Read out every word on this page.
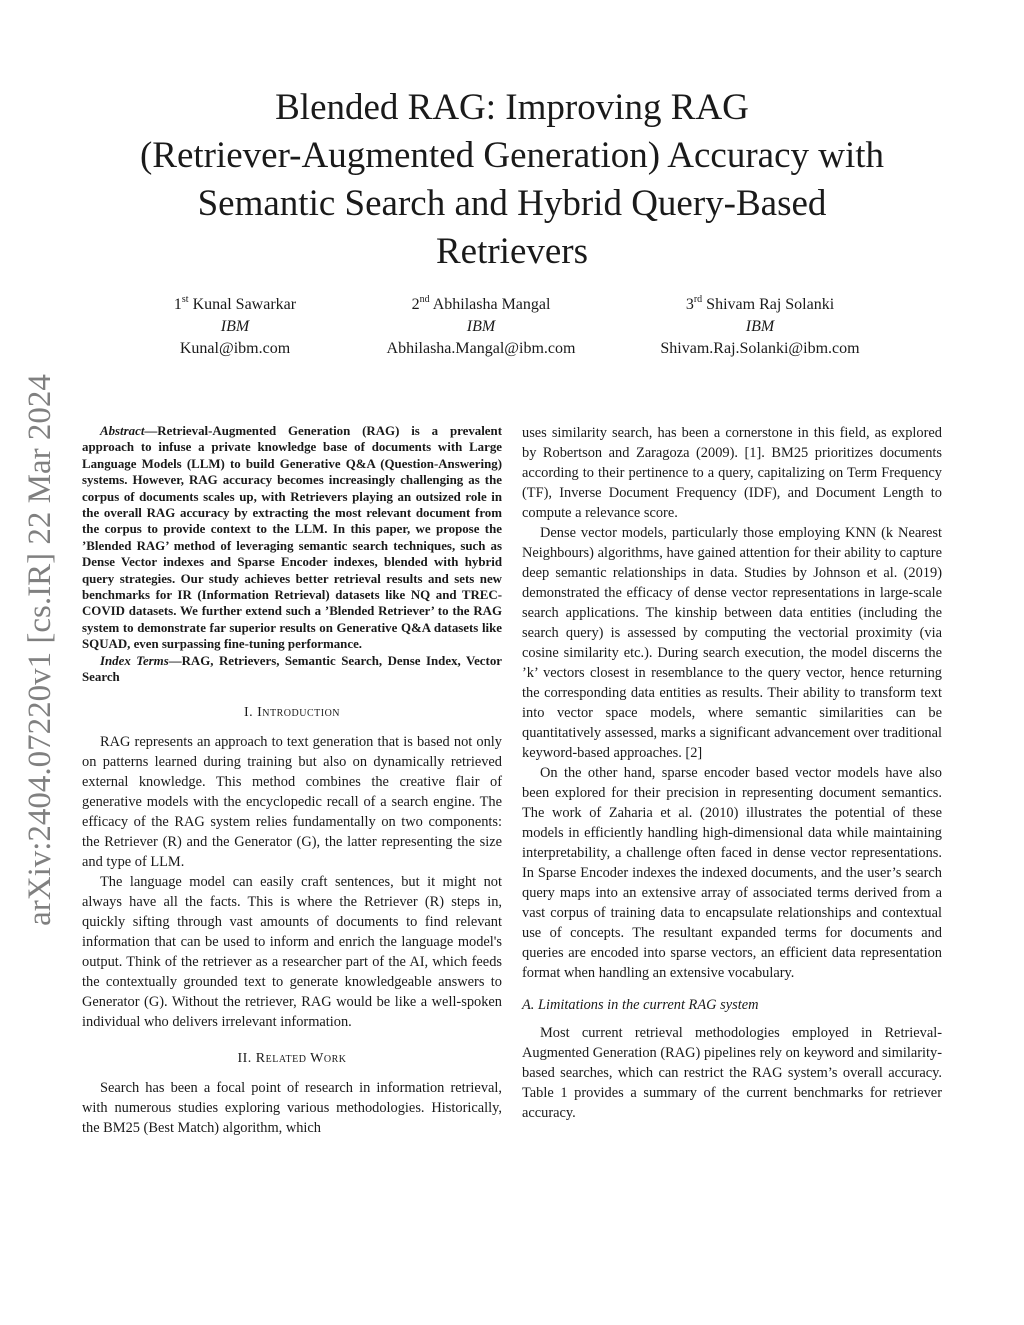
Blended RAG: Improving RAG
(Retriever-Augmented Generation) Accuracy with
Semantic Search and Hybrid Query-Based
Retrievers
1st Kunal Sawarkar
IBM
Kunal@ibm.com
2nd Abhilasha Mangal
IBM
Abhilasha.Mangal@ibm.com
3rd Shivam Raj Solanki
IBM
Shivam.Raj.Solanki@ibm.com
arXiv:2404.07220v1 [cs.IR] 22 Mar 2024	Abstract—Retrieval-Augmented Generation (RAG) is a prevalent approach to infuse a private knowledge base of documents with Large Language Models (LLM) to build Generative Q&A (Question-Answering) systems. However, RAG accuracy becomes increasingly challenging as the corpus of documents scales up, with Retrievers playing an outsized role in the overall RAG accuracy by extracting the most relevant document from the corpus to provide context to the LLM. In this paper, we propose the ’Blended RAG’ method of leveraging semantic search techniques, such as Dense Vector indexes and Sparse Encoder indexes, blended with hybrid query strategies. Our study achieves better retrieval results and sets new benchmarks for IR (Information Retrieval) datasets like NQ and TREC-COVID datasets. We further extend such a ’Blended Retriever’ to the RAG system to demonstrate far superior results on Generative Q&A datasets like SQUAD, even surpassing fine-tuning performance.

Index Terms—RAG, Retrievers, Semantic Search, Dense Index, Vector Search

I. Introduction

RAG represents an approach to text generation that is based not only on patterns learned during training but also on dynamically retrieved external knowledge. This method combines the creative flair of generative models with the encyclopedic recall of a search engine. The efficacy of the RAG system relies fundamentally on two components: the Retriever (R) and the Generator (G), the latter representing the size and type of LLM.

The language model can easily craft sentences, but it might not always have all the facts. This is where the Retriever (R) steps in, quickly sifting through vast amounts of documents to find relevant information that can be used to inform and enrich the language model's output. Think of the retriever as a researcher part of the AI, which feeds the contextually grounded text to generate knowledgeable answers to Generator (G). Without the retriever, RAG would be like a well-spoken individual who delivers irrelevant information.

II. Related Work

Search has been a focal point of research in information retrieval, with numerous studies exploring various methodologies. Historically, the BM25 (Best Match) algorithm, which

uses similarity search, has been a cornerstone in this field, as explored by Robertson and Zaragoza (2009). [1]. BM25 prioritizes documents according to their pertinence to a query, capitalizing on Term Frequency (TF), Inverse Document Frequency (IDF), and Document Length to compute a relevance score.

Dense vector models, particularly those employing KNN (k Nearest Neighbours) algorithms, have gained attention for their ability to capture deep semantic relationships in data. Studies by Johnson et al. (2019) demonstrated the efficacy of dense vector representations in large-scale search applications. The kinship between data entities (including the search query) is assessed by computing the vectorial proximity (via cosine similarity etc.). During search execution, the model discerns the ’k’ vectors closest in resemblance to the query vector, hence returning the corresponding data entities as results. Their ability to transform text into vector space models, where semantic similarities can be quantitatively assessed, marks a significant advancement over traditional keyword-based approaches. [2]

On the other hand, sparse encoder based vector models have also been explored for their precision in representing document semantics. The work of Zaharia et al. (2010) illustrates the potential of these models in efficiently handling high-dimensional data while maintaining interpretability, a challenge often faced in dense vector representations. In Sparse Encoder indexes the indexed documents, and the user’s search query maps into an extensive array of associated terms derived from a vast corpus of training data to encapsulate relationships and contextual use of concepts. The resultant expanded terms for documents and queries are encoded into sparse vectors, an efficient data representation format when handling an extensive vocabulary.

A. Limitations in the current RAG system

Most current retrieval methodologies employed in Retrieval-Augmented Generation (RAG) pipelines rely on keyword and similarity-based searches, which can restrict the RAG system’s overall accuracy. Table 1 provides a summary of the current benchmarks for retriever accuracy.
